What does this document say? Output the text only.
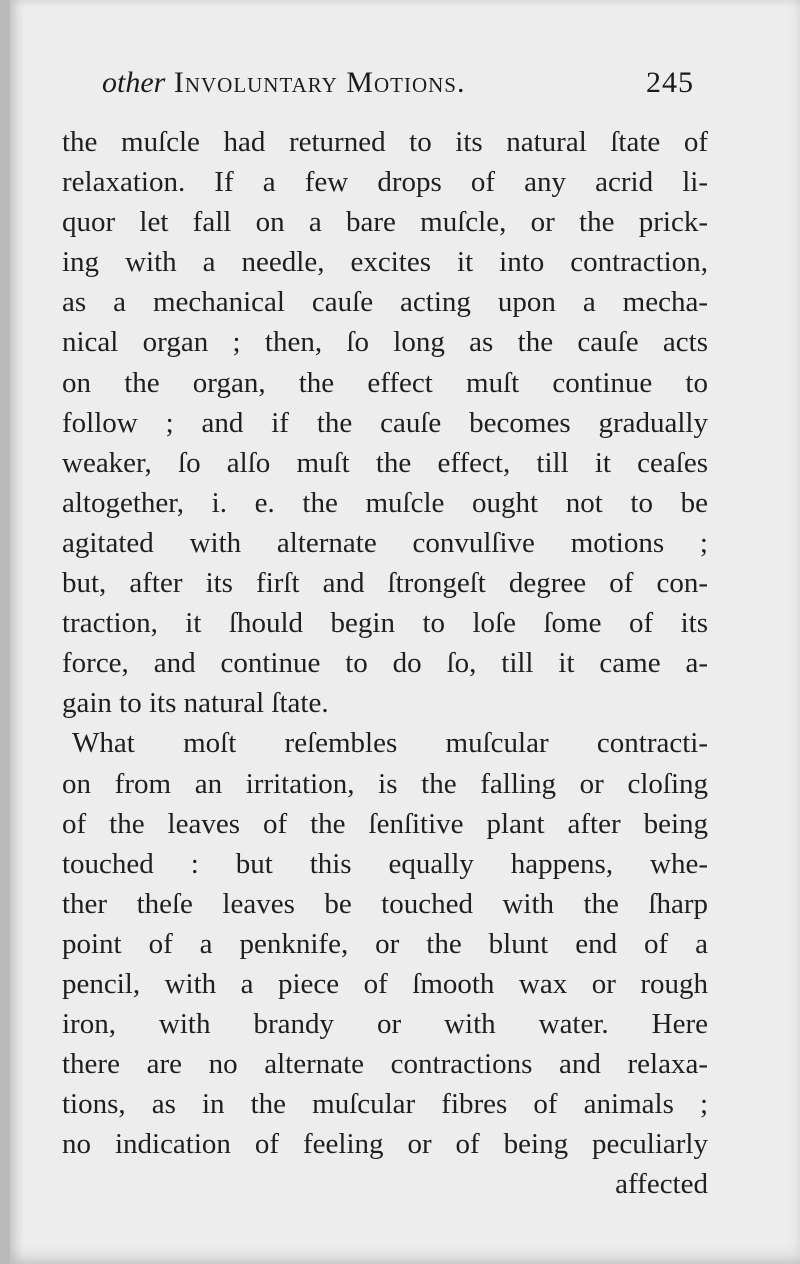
other Involuntary Motions.	245
the muſcle had returned to its natural ſtate of
relaxation. If a few drops of any acrid li-
quor let fall on a bare muſcle, or the prick-
ing with a needle, excites it into contraction,
as a mechanical cauſe acting upon a mecha-
nical organ ; then, ſo long as the cauſe acts
on the organ, the effect muſt continue to
follow ; and if the cauſe becomes gradually
weaker, ſo alſo muſt the effect, till it ceaſes
altogether, i. e. the muſcle ought not to be
agitated with alternate convulſive motions ;
but, after its firſt and ſtrongeſt degree of con-
traction, it ſhould begin to loſe ſome of its
force, and continue to do ſo, till it came a-
gain to its natural ſtate.
What moſt reſembles muſcular contracti-
on from an irritation, is the falling or cloſing
of the leaves of the ſenſitive plant after being
touched : but this equally happens, whe-
ther theſe leaves be touched with the ſharp
point of a penknife, or the blunt end of a
pencil, with a piece of ſmooth wax or rough
iron, with brandy or with water. Here
there are no alternate contractions and relaxa-
tions, as in the muſcular fibres of animals ;
no indication of feeling or of being peculiarly
affected
